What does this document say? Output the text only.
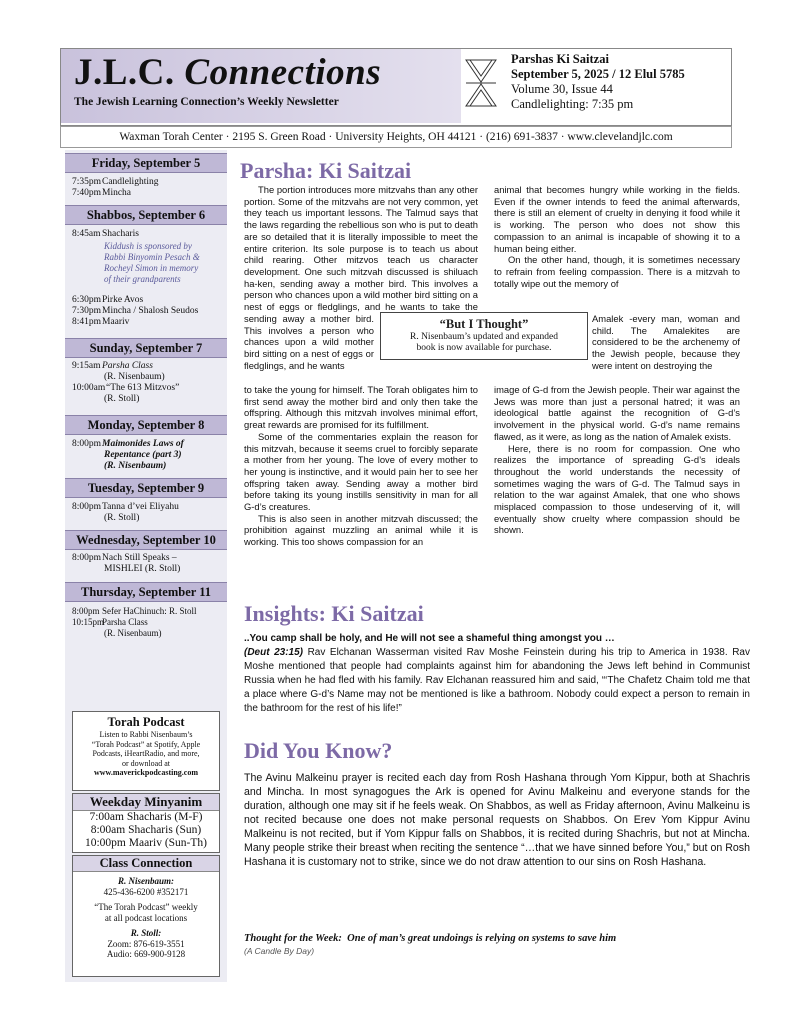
J.L.C. Connections
The Jewish Learning Connection’s Weekly Newsletter
Parshas Ki Saitzai
September 5, 2025 / 12 Elul 5785
Volume 30, Issue 44
Candlelighting: 7:35 pm
Waxman Torah Center · 2195 S. Green Road · University Heights, OH 44121 · (216) 691-3837 · www.clevelandjlc.com
Friday, September 5
7:35pmCandlelighting
7:40pmMincha
Shabbos, September 6
8:45am Shacharis
Kiddush is sponsored by
Rabbi Binyomin Pesach &
Rocheyl Simon in memory
of their grandparents
6:30pmPirke Avos
7:30pmMincha / Shalosh Seudos
8:41pmMaariv
Sunday, September 7
9:15am Parsha Class
(R. Nisenbaum)
10:00am“The 613 Mitzvos”
(R. Stoll)
Monday, September 8
8:00pmMaimonides Laws of
Repentance (part 3)
(R. Nisenbaum)
Tuesday, September 9
8:00pmTanna d’vei Eliyahu
(R. Stoll)
Wednesday, September 10
8:00pmNach Still Speaks –
MISHLEI (R. Stoll)
Thursday, September 11
8:00pm Sefer HaChinuch: R. Stoll
10:15pmParsha Class
(R. Nisenbaum)
Torah Podcast
Listen to Rabbi Nisenbaum’s
“Torah Podcast” at Spotify, Apple
Podcasts, iHeartRadio, and more,
or download at
www.maverickpodcasting.com
Weekday Minyanim
7:00am Shacharis (M-F)
8:00am Shacharis (Sun)
10:00pm Maariv (Sun-Th)
Class Connection
R. Nisenbaum:
425-436-6200 #352171
“The Torah Podcast” weekly
at all podcast locations
R. Stoll:
Zoom: 876-619-3551
Audio: 669-900-9128
Parsha: Ki Saitzai

The portion introduces more mitzvahs than any other portion. Some of the mitzvahs are not very common, yet they teach us important lessons. The Talmud says that the laws regarding the rebellious son who is put to death are so detailed that it is literally impossible to meet the entire criterion. Its sole purpose is to teach us about child rearing. Other mitzvos teach us character development. One such mitzvah discussed is shiluach ha-ken, sending away a mother bird. This involves a person who chances upon a wild mother bird sitting on a nest of eggs or fledglings, and he wants to take the

sending away a mother bird. This involves a person who chances upon a wild mother bird sitting on a nest of eggs or fledglings, and he wants

to take the young for himself. The Torah obligates him to first send away the mother bird and only then take the offspring. Although this mitzvah involves minimal effort, great rewards are promised for its fulfillment.

Some of the commentaries explain the reason for this mitzvah, because it seems cruel to forcibly separate a mother from her young. The love of every mother to her young is instinctive, and it would pain her to see her offspring taken away. Sending away a mother bird before taking its young instills sensitivity in man for all G-d’s creatures.

This is also seen in another mitzvah discussed; the prohibition against muzzling an animal while it is working. This too shows compassion for an

animal that becomes hungry while working in the fields. Even if the owner intends to feed the animal afterwards, there is still an element of cruelty in denying it food while it is working. The person who does not show this compassion to an animal is incapable of showing it to a human being either.

On the other hand, though, it is sometimes necessary to refrain from feeling compassion. There is a mitzvah to totally wipe out the memory of

Amalek -every man, woman and child. The Amalekites are considered to be the archenemy of the Jewish people, because they were intent on destroying the

image of G-d from the Jewish people. Their war against the Jews was more than just a personal hatred; it was an ideological battle against the recognition of G-d’s involvement in the physical world. G-d’s name remains flawed, as it were, as long as the nation of Amalek exists.

Here, there is no room for compassion. One who realizes the importance of spreading G-d’s ideals throughout the world understands the necessity of sometimes waging the wars of G-d. The Talmud says in relation to the war against Amalek, that one who shows misplaced compassion to those undeserving of it, will eventually show cruelty where compassion should be shown.

“But I Thought”
R. Nisenbaum’s updated and expanded
book is now available for purchase.
Insights: Ki Saitzai

..You camp shall be holy, and He will not see a shameful thing amongst you …
(Deut 23:15) Rav Elchanan Wasserman visited Rav Moshe Feinstein during his trip to America in 1938. Rav Moshe mentioned that people had complaints against him for abandoning the Jews left behind in Communist Russia when he had fled with his family. Rav Elchanan reassured him and said, “‘The Chafetz Chaim told me that a place where G-d’s Name may not be mentioned is like a bathroom. Nobody could expect a person to remain in the bathroom for the rest of his life!”

Did You Know?
The Avinu Malkeinu prayer is recited each day from Rosh Hashana through Yom Kippur, both at Shachris and Mincha. In most synagogues the Ark is opened for Avinu Malkeinu and everyone stands for the duration, although one may sit if he feels weak. On Shabbos, as well as Friday afternoon, Avinu Malkeinu is not recited because one does not make personal requests on Shabbos. On Erev Yom Kippur Avinu Malkeinu is not recited, but if Yom Kippur falls on Shabbos, it is recited during Shachris, but not at Mincha. Many people strike their breast when reciting the sentence “…that we have sinned before You,” but on Rosh Hashana it is customary not to strike, since we do not draw attention to our sins on Rosh Hashana.
Thought for the Week: One of man’s great undoings is relying on systems to save him
(A Candle By Day)
